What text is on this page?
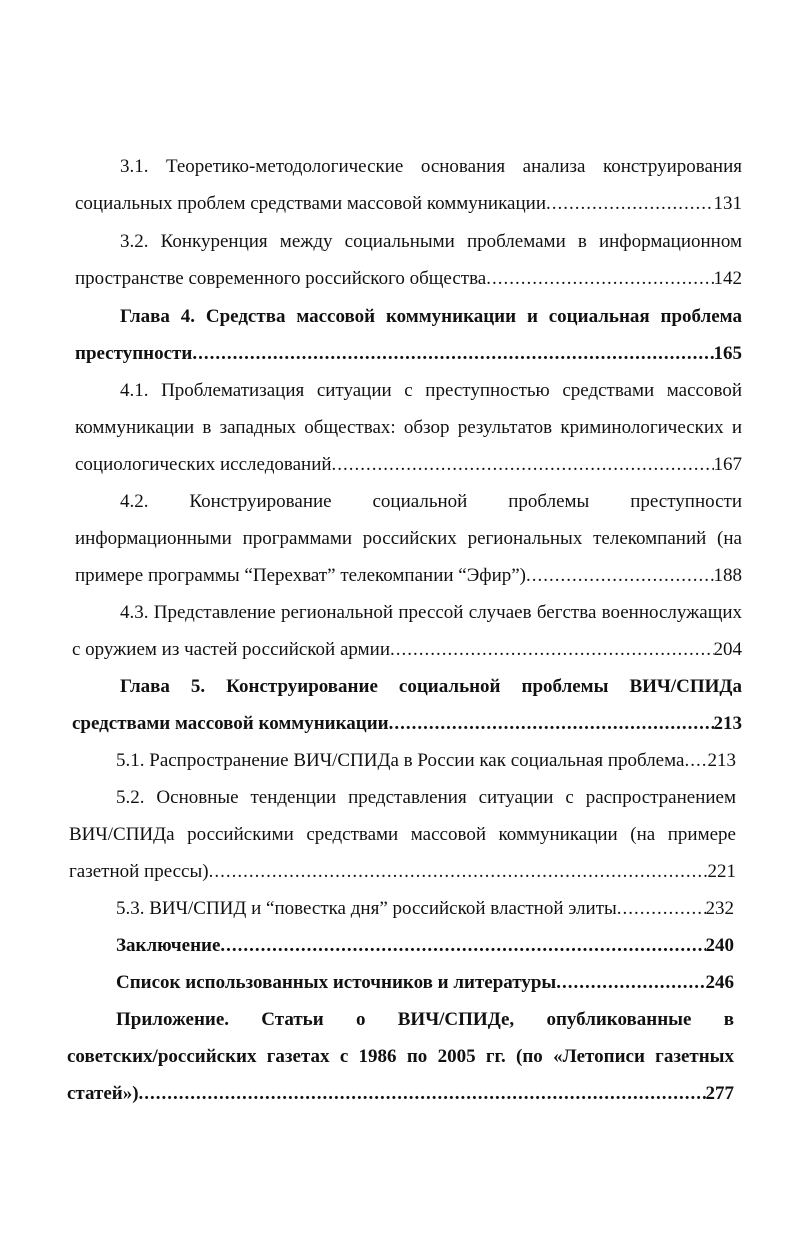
3.1. Теоретико-методологические основания анализа конструирования
социальных проблем средствами массовой коммуникации .....	131
3.2. Конкуренция между социальными проблемами в информационном
пространстве современного российского общества .....	142
Глава 4. Средства массовой коммуникации и социальная проблема
преступности .....	165
4.1. Проблематизация ситуации с преступностью средствами массовой
коммуникации в западных обществах: обзор результатов криминологических и
социологических исследований .....	167
4.2. Конструирование социальной проблемы преступности
информационными программами российских региональных телекомпаний (на
примере программы “Перехват” телекомпании “Эфир”) .....	188
4.3. Представление региональной прессой случаев бегства военнослужащих
с оружием из частей российской армии .....	204
Глава 5. Конструирование социальной проблемы ВИЧ/СПИДа
средствами массовой коммуникации .....	213
5.1. Распространение ВИЧ/СПИДа в России как социальная проблема ..... 213
5.2. Основные тенденции представления ситуации с распространением
ВИЧ/СПИДа российскими средствами массовой коммуникации (на примере
газетной прессы) .....	221
5.3. ВИЧ/СПИД и “повестка дня” российской властной элиты .....	232
Заключение .....	240
Список использованных источников и литературы .....	246
Приложение. Статьи о ВИЧ/СПИДе, опубликованные в
советских/российских газетах с 1986 по 2005 гг. (по «Летописи газетных
статей») .....	277
